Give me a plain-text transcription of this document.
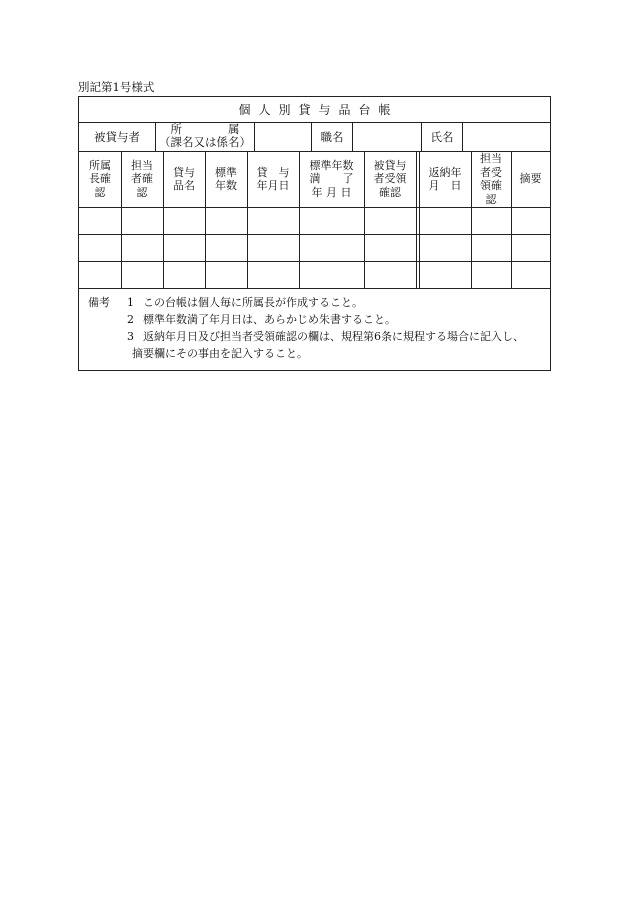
別記第1号様式
個人別貸与品台帳
被貸与者
所　　　　属
（課名又は係名）	職名	氏名
所属
長確
認
担当
者確
認
貸与
品名
標準
年数
貸　与
年月日
標準年数
満　　了
年 月 日
被貸与
者受領
確認
返納年
月　日
担当
者受
領確
認
摘要
備考 1 この台帳は個人毎に所属長が作成すること。
2 標準年数満了年月日は、あらかじめ朱書すること。
3 返納年月日及び担当者受領確認の欄は、規程第6条に規程する場合に記入し、
摘要欄にその事由を記入すること。
